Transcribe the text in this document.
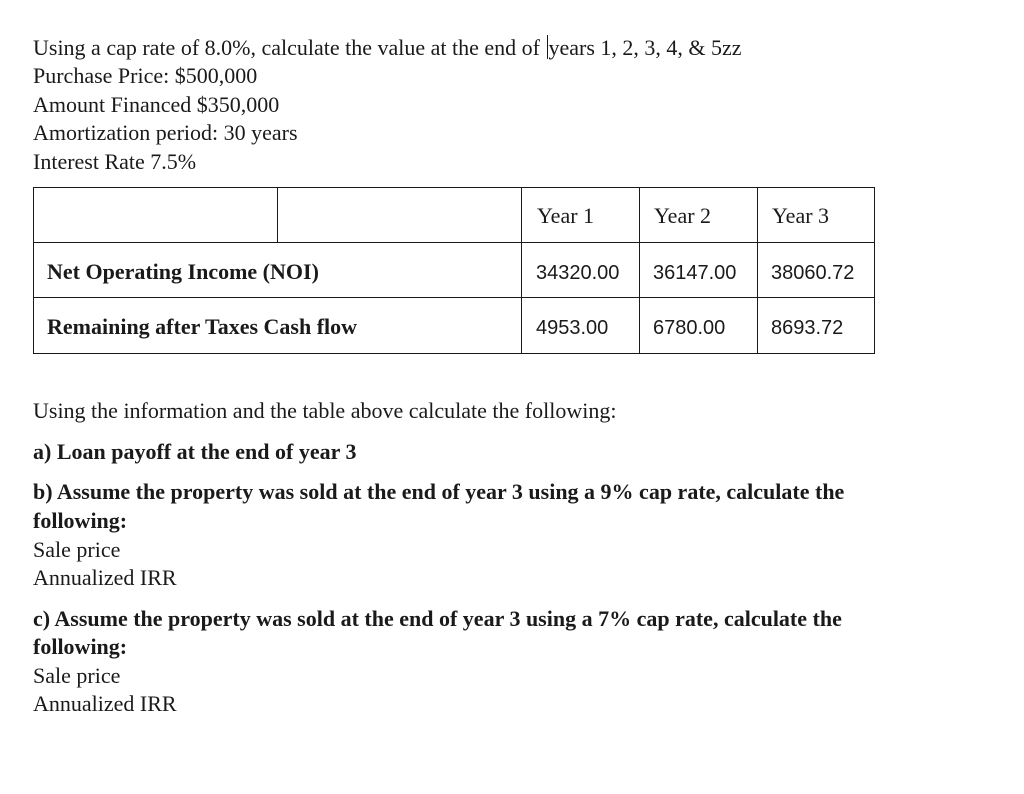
Using a cap rate of 8.0%, calculate the value at the end of years 1, 2, 3, 4, & 5zz
Purchase Price: $500,000
Amount Financed $350,000
Amortization period: 30 years
Interest Rate 7.5%
Year 1	Year 2	Year 3
Net Operating Income (NOI)	34320.00 36147.00 38060.72
Remaining after Taxes Cash flow	4953.00 6780.00 8693.72
Using the information and the table above calculate the following:
a) Loan payoff at the end of year 3
b) Assume the property was sold at the end of year 3 using a 9% cap rate, calculate the
following:
Sale price
Annualized IRR
c) Assume the property was sold at the end of year 3 using a 7% cap rate, calculate the
following:
Sale price
Annualized IRR
